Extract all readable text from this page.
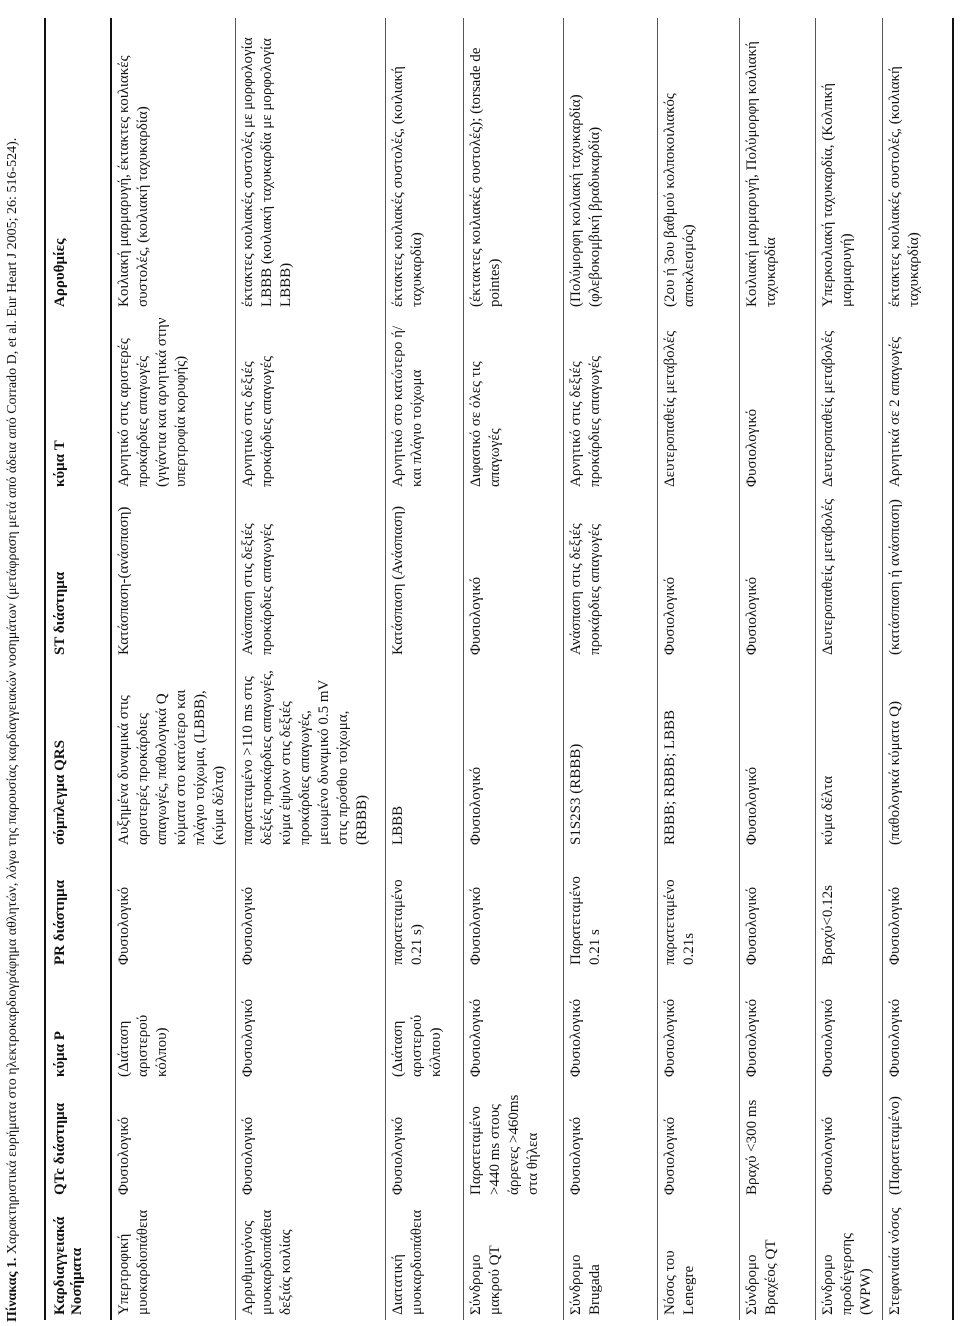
Πίνακας 1. Χαρακτηριστικά ευρήματα στο ηλεκτροκαρδιογράφημα αθλητών, λόγω της παρουσίας καρδιαγγειακών νοσημάτων (μετάφραση μετά από άδεια από Corrado D, et al. Eur Heart J 2005; 26: 516-524).
Καρδιαγγειακά Νοσήματα	QTc διάστημα	κύμα P	PR διάστημα	σύμπλεγμα QRS	ST διάστημα	κύμα T	Αρρυθμίες
Υπερτροφική μυοκαρδιοπάθεια	Φυσιολογικό	(Διάταση αριστερού κόλπου)	Φυσιολογικό	Αυξημένα δυναμικά στις αριστερές προκάρδιες απαγωγές, παθολογικά Q κύματα στο κατώτερο και πλάγιο τοίχωμα, (LBBB), (κύμα δέλτα)	Κατάσπαση-(ανάσπαση)	Αρνητικό στις αριστερές προκάρδιες απαγωγές (γιγάντια και αρνητικά στην υπερτροφία κορυφής)	Κοιλιακή μαρμαρυγή, έκτακτες κοιλιακές συστολές, (κοιλιακή ταχυκαρδία)
Αρρυθμιογόνος μυοκαρδιοπάθεια δεξιάς κοιλίας	Φυσιολογικό	Φυσιολογικό	Φυσιολογικό	παρατεταμένο >110 ms στις δεξιές προκάρδιες απαγωγές, κύμα έψιλον στις δεξιές προκάρδιες απαγωγές, μειωμένο δυναμικό 0.5 mV στις πρόσθιο τοίχωμα, (RBBB)	Ανάσπαση στις δεξιές προκάρδιες απαγωγές	Αρνητικό στις δεξιές προκάρδιες απαγωγές	έκτακτες κοιλιακές συστολές με μορφολογία LBBB (κοιλιακή ταχυκαρδία με μορφολογία LBBB)
Διατατική μυοκαρδιοπάθεια	Φυσιολογικό	(Διάταση αριστερού κόλπου)	παρατεταμένο 0.21 s)	LBBB	Κατάσπαση (Ανάσπαση)	Αρνητικό στο κατώτερο ή/και πλάγιο τοίχωμα	έκτακτες κοιλιακές συστολές, (κοιλιακή ταχυκαρδία)
Σύνδρομο μακρού QT	Παρατεταμένο >440 ms στους άρρενες >460ms στα θήλεα	Φυσιολογικό	Φυσιολογικό	Φυσιολογικό	Φυσιολογικό	Διφασικό σε όλες τις απαγωγές	(έκτακτες κοιλιακές συστολές); (torsade de pointes)
Σύνδρομο Brugada	Φυσιολογικό	Φυσιολογικό	Παρατεταμένο 0.21 s	S1S2S3 (RBBB)	Ανάσπαση στις δεξιές προκάρδιες απαγωγές	Αρνητικό στις δεξιές προκάρδιες απαγωγές	(Πολύμορφη κοιλιακή ταχυκαρδία) (φλεβοκομβική βραδυκαρδία)
Νόσος του Lenegre	Φυσιολογικό	Φυσιολογικό	παρατεταμένο 0.21s	RBBB; RBBB; LBBB	Φυσιολογικό	Δευτεροπαθείς μεταβολές	(2ου ή 3ου βαθμού κολποκοιλιακός αποκλεισμός)
Σύνδρομο Βραχέος QT	Βραχύ <300 ms	Φυσιολογικό	Φυσιολογικό	Φυσιολογικό	Φυσιολογικό	Φυσιολογικό	Κοιλιακή μαρμαρυγή, Πολύμορφη κοιλιακή ταχυκαρδία
Σύνδρομο προδιέγερσης (WPW)	Φυσιολογικό	Φυσιολογικό	Βραχύ<0.12s	κύμα δέλτα	Δευτεροπαθείς μεταβολές	Δευτεροπαθείς μεταβολές	Υπερκοιλιακή ταχυκαρδία, (Κολπική μαρμαρυγή)
Στεφανιαία νόσος	(Παρατεταμένο)	Φυσιολογικό	Φυσιολογικό	(παθολογικά κύματα Q)	(κατάσπαση ή ανάσπαση)	Αρνητικά σε 2 απαγωγές	έκτακτες κοιλιακές συστολές, (κοιλιακή ταχυκαρδία)
